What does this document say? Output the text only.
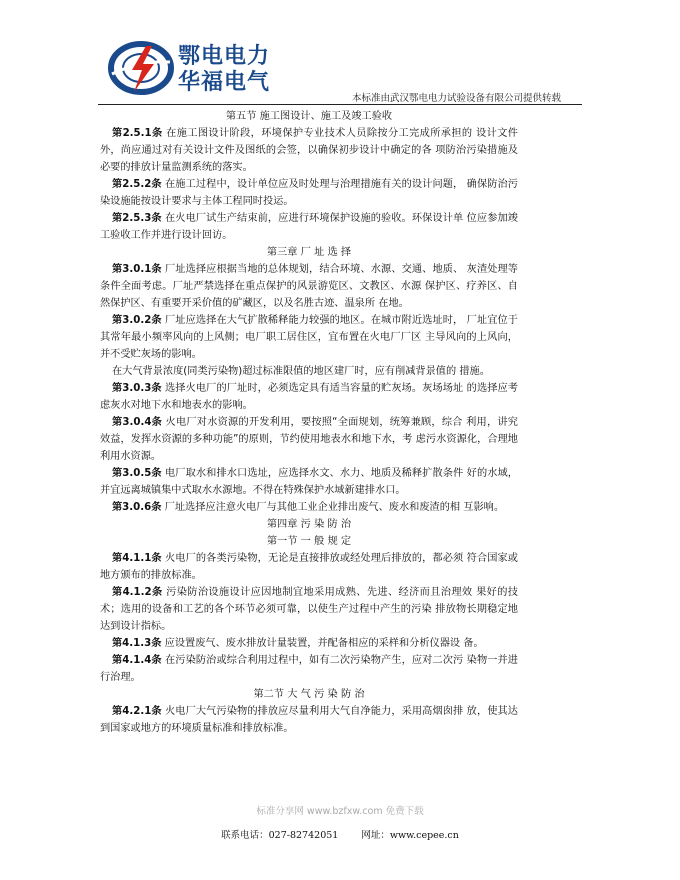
鄂电电力
华福电气
本标准由武汉鄂电电力试验设备有限公司提供转载

第五节 施工图设计、施工及竣工验收

第2.5.1条 在施工图设计阶段，环境保护专业技术人员除按分工完成所承担的 设计文件外，尚应通过对有关设计文件及图纸的会签，以确保初步设计中确定的各 项防治污染措施及必要的排放计量监测系统的落实。

第2.5.2条 在施工过程中，设计单位应及时处理与治理措施有关的设计问题， 确保防治污染设施能按设计要求与主体工程同时投运。

第2.5.3条 在火电厂试生产结束前，应进行环境保护设施的验收。环保设计单 位应参加竣工验收工作并进行设计回访。

第三章 厂 址 选 择

第3.0.1条 厂址选择应根据当地的总体规划，结合环境、水源、交通、地质、 灰渣处理等条件全面考虑。厂址严禁选择在重点保护的风景游览区、文教区、水源 保护区、疗养区、自然保护区、有重要开采价值的矿藏区，以及名胜古迹、温泉所 在地。

第3.0.2条 厂址应选择在大气扩散稀释能力较强的地区。在城市附近选址时， 厂址宜位于其常年最小频率风向的上风侧；电厂职工居住区，宜布置在火电厂厂区 主导风向的上风向，并不受贮灰场的影响。

在大气背景浓度(同类污染物)超过标准限值的地区建厂时，应有削减背景值的 措施。

第3.0.3条 选择火电厂的厂址时，必须选定具有适当容量的贮灰场。灰场场址 的选择应考虑灰水对地下水和地表水的影响。

第3.0.4条 火电厂对水资源的开发利用，要按照“全面规划，统筹兼顾，综合 利用，讲究效益，发挥水资源的多种功能”的原则，节约使用地表水和地下水，考 虑污水资源化，合理地利用水资源。

第3.0.5条 电厂取水和排水口选址，应选择水文、水力、地质及稀释扩散条件 好的水域，并宜远离城镇集中式取水水源地。不得在特殊保护水域新建排水口。

第3.0.6条 厂址选择应注意火电厂与其他工业企业排出废气、废水和废渣的相 互影响。

第四章 污 染 防 治

第一节 一 般 规 定

第4.1.1条 火电厂的各类污染物，无论是直接排放或经处理后排放的，都必须 符合国家或地方颁布的排放标准。

第4.1.2条 污染防治设施设计应因地制宜地采用成熟、先进、经济而且治理效 果好的技术；选用的设备和工艺的各个环节必须可靠，以使生产过程中产生的污染 排放物长期稳定地达到设计指标。

第4.1.3条 应设置废气、废水排放计量装置，并配备相应的采样和分析仪器设 备。

第4.1.4条 在污染防治或综合利用过程中，如有二次污染物产生，应对二次污 染物一并进行治理。

第二节 大 气 污 染 防 治

第4.2.1条 火电厂大气污染物的排放应尽量利用大气自净能力，采用高烟囱排 放，使其达到国家或地方的环境质量标准和排放标准。

标准分享网 www.bzfxw.com 免费下载
联系电话：027-82742051 网址：www.cepee.cn
